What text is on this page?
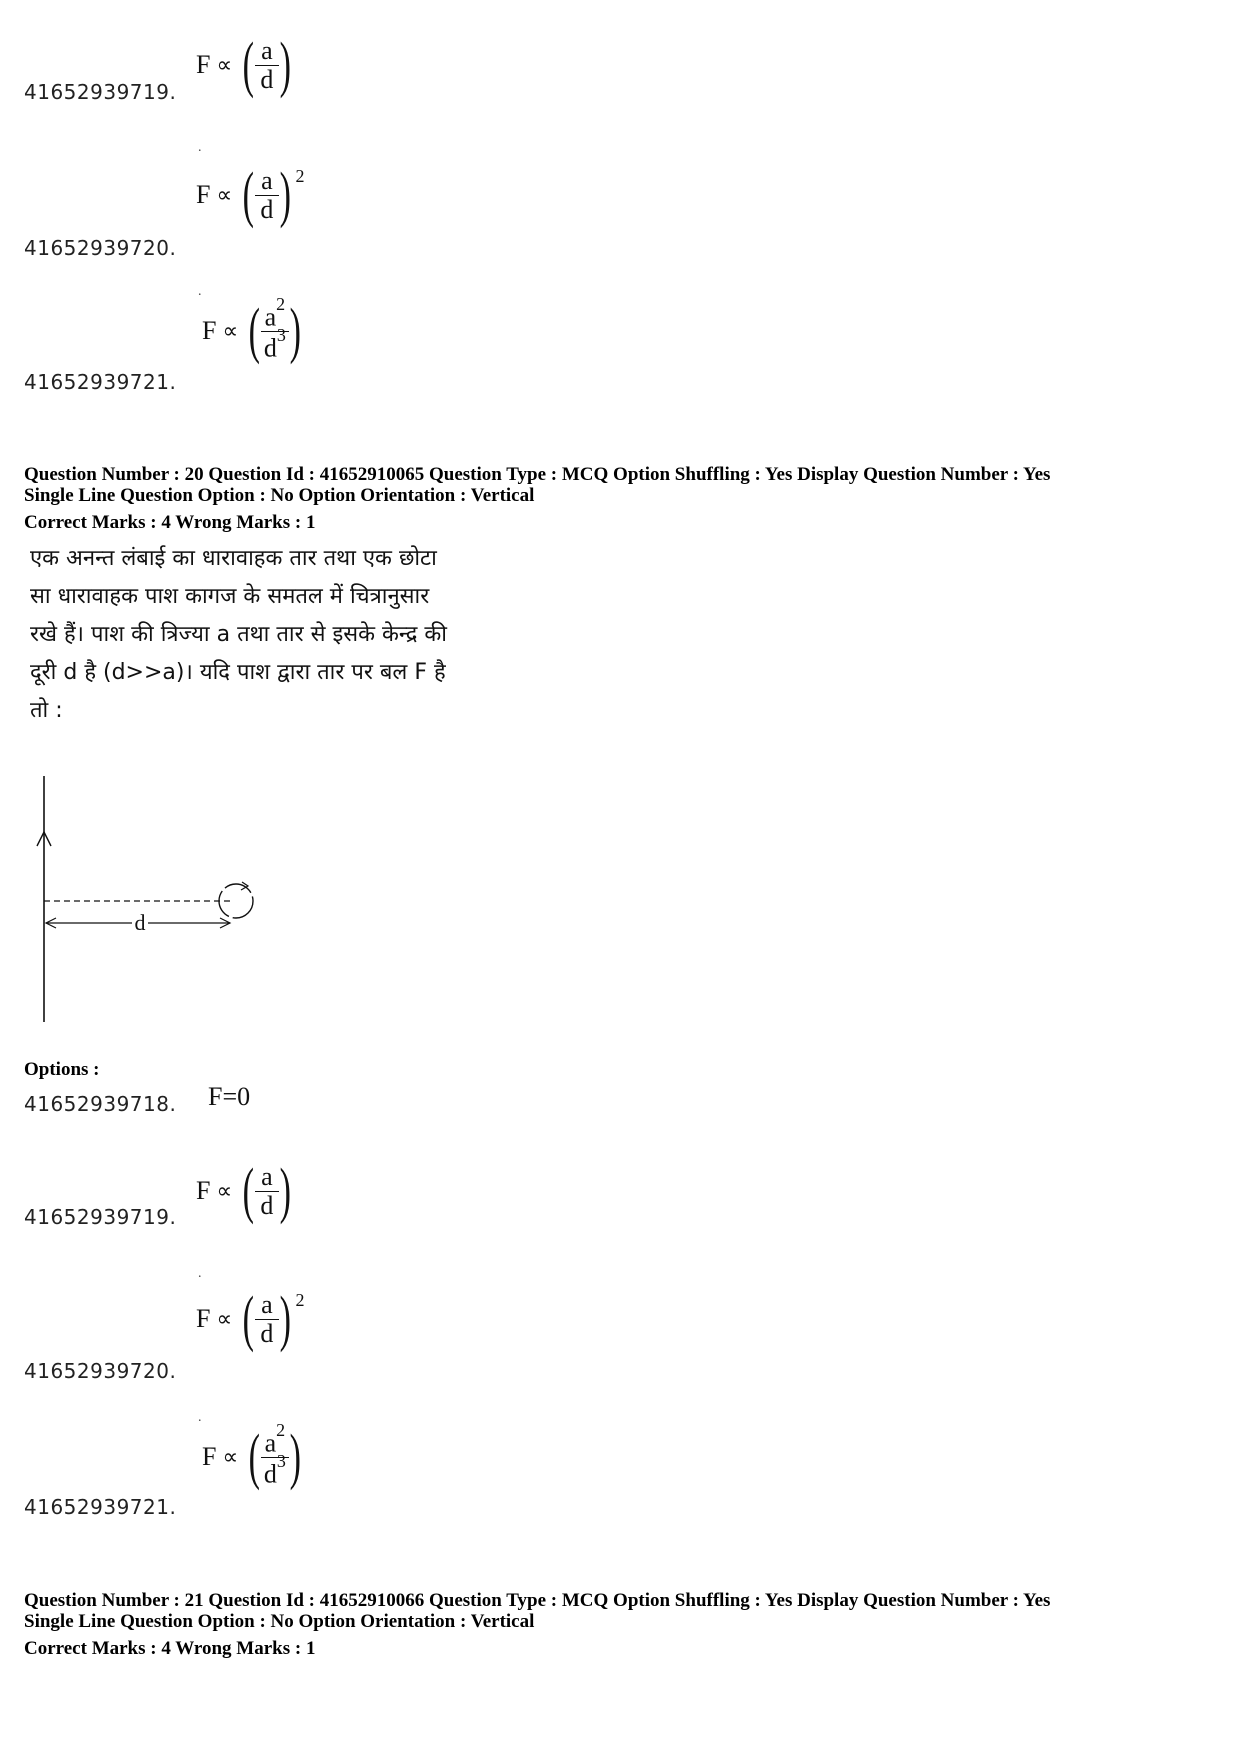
F ∝ ( $\frac{a}{d}$ )
41652939719.
.
F ∝ ( $\frac{a}{d}$ ) 2
41652939720.
.
F ∝ ( $\frac{a^2}{d^3}$ )
41652939721.
Question Number : 20 Question Id : 41652910065 Question Type : MCQ Option Shuffling : Yes Display Question Number : Yes
Single Line Question Option : No Option Orientation : Vertical
Correct Marks : 4 Wrong Marks : 1
एक अनन्त लंबाई का धारावाहक तार तथा एक छोटा
सा धारावाहक पाश कागज के समतल में चित्रानुसार
रखे हैं। पाश की त्रिज्या a तथा तार से इसके केन्द्र की
दूरी d है (d>>a)। यदि पाश द्वारा तार पर बल F है
तो :
d
Options :
41652939718. F=0
F ∝ ( $\frac{a}{d}$ )
41652939719.
.
F ∝ ( $\frac{a}{d}$ ) 2
41652939720.
.
F ∝ ( $\frac{a^2}{d^3}$ )
41652939721.
Question Number : 21 Question Id : 41652910066 Question Type : MCQ Option Shuffling : Yes Display Question Number : Yes
Single Line Question Option : No Option Orientation : Vertical
Correct Marks : 4 Wrong Marks : 1
